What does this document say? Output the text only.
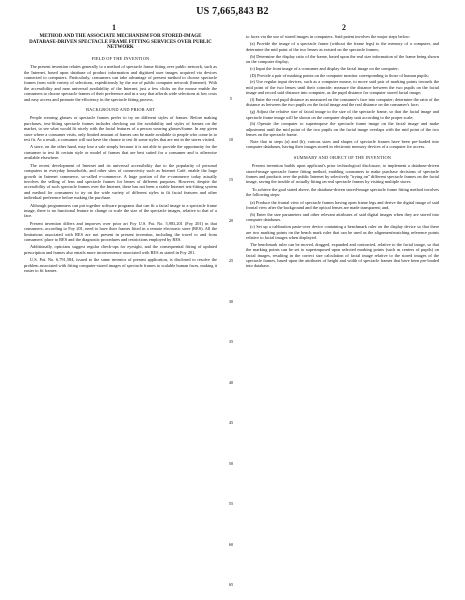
US 7,665,843 B2
1	2
METHOD AND THE ASSOCIATE MECHANISM FOR STORED-IMAGE DATABASE-DRIVEN SPECTACLE FRAME FITTING SERVICES OVER PUBLIC NETWORK
FIELD OF THE INVENTION
The present invention relates generally to a method of spectacle frame fitting over public network, such as the Internet, based upon database of product information and digitized user images acquired via devices connected to computers. Particularly, consumers can take advantage of present method to choose spectacle frames from wide variety of selections, expeditiously by the use of public computer network (Internet). With the accessibility and near universal availability of the Internet, just a few clicks on the mouse enable the consumers to choose spectacle frames of their preference and in a way that affords wide selections at low costs and easy access and promote the efficiency in the spectacle fitting process.
BACKGROUND AND PRIOR ART
People wearing glasses or spectacle frames prefer to try on different styles of frames. Before making purchases, test-fitting spectacle frames includes checking out the availability and styles of frames on the market, to see what would fit nicely with the facial features of a person wearing glasses/frame. In any given store where a consumer visits, only limited amount of frames can be made available to people who come in to test fit. As a result, a consumer will not have the chance to test fit some styles that are not in the stores visited.
A store, on the other hand, may lose a sale simply because it is not able to provide the opportunity for the consumer to test fit certain style or model of frames that are best suited for a consumer and is otherwise available elsewhere.
The recent development of Internet and its universal accessibility due to the popularity of personal computers in everyday households, and other sites of connectivity such as Internet Café, enable the huge growth in Internet commerce, so-called e-commerce. A huge portion of the e-commerce today actually involves the selling of lens and spectacle frames for lenses of different purposes. However, despite the accessibility of such spectacle frames over the Internet, there has not been a viable Internet test-fitting system and method for consumers to try on the wide variety of different styles to fit facial features and other individual preference before making the purchase.
Although programmers can put together software programs that can fit a facial image to a spectacle frame image, there is no functional feature to change or scale the size of the spectacle images, relative to that of a face.
Present invention differs and improves over prior art Foy U.S. Pat. No. 5,983,201 (Foy 201) in that consumers, according to Foy 201, need to have their frames fitted in a remote electronic store (RES). All the limitations associated with RES are not present in present invention, including the travel to and from consumers' place to RES and the diagnostic procedures and restrictions employed by RES.
Additionally, opticians suggest regular check-ups for eyesight, and the consequential fitting of updated prescription and frames also entails more inconvenience associated with RES as stated in Foy 201.
U.S. Pat. No. 6,791,584, issued to the same inventor of present application, is disclosed to resolve the problem associated with fitting computer-stored images of spectacle frames to scalable human faces, making it easier to fit frames
5
10
15
20
25
30
35
40
45
50
55
60
65
to faces via the use of stored images in computers. Said patent involves the major steps below:
(a) Provide the image of a spectacle frame (without the frame legs) to the memory of a computer, and determine the mid point of the two lenses as existed on the spectacle frames;
(b) Determine the display ratio of the frame, based upon the real size information of the frame being shown on the computer display;
(c) Input the front image of a consumer and display the facial image on the computer;
(D) Provide a pair of marking points on the computer monitor corresponding to those of human pupils;
(e) Use regular input devices, such as a computer mouse, to move said pair of marking points towards the mid point of the two lenses until their coincide; measure the distance between the two pupils on the facial image and record said distance into computer, as the pupil distance for computer stored facial image;
(f) Enter the real pupil distance as measured on the consumer's face into computer; determine the ratio of the distance as between the two pupils on the facial image and the real distance on the consumer's face;
(g) Adjust the relative size of facial image to the size of the spectacle frame, so that the facial image and spectacle frame image will be shown on the computer display unit according to the proper scale;
(h) Operate the computer to superimpose the spectacle frame image on the facial image and make adjustment until the mid point of the two pupils on the facial image overlaps with the mid point of the two lenses on the spectacle frame.
Note that in steps (a) and (b), various sizes and shapes of spectacle frames have been pre-loaded into computer databases, having their images stored in electronic memory devices of a computer for access.
SUMMARY AND OBJECT OF THE INVENTION
Present invention builds upon applicant's prior technological disclosure, to implement a database-driven stored-image spectacle frame fitting method, enabling consumers to make purchase decisions of spectacle frames and products over the public Internet by selectively "trying on" different spectacle frames on the facial image, saving the trouble of actually fitting on real spectacle frames by visiting multiple stores.
To achieve the goal stated above, the database-driven stored-image spectacle frame fitting method involves the following steps:
(a) Produce the frontal view of spectacle frames having open frame legs and derive the digital image of said frontal view after the background and the optical lenses are made transparent; and,
(b) Enter the size parameters and other relevant attributes of said digital images when they are stored into computer databases.
(c) Set up a calibration paste-over device containing a benchmark ruler on the display device so that there are two marking points on the bench mark ruler that can be used as the alignment/matching reference points relative to facial images when displayed.
The benchmark ruler can be moved, dragged, expanded and contracted, relative to the facial image, so that the marking points can be set to superimposed upon selected marking points (such as centers of pupils) on facial images, resulting in the correct size calculation of facial image relative to the stored images of the spectacle frames, based upon the attributes of height and width of spectacle frames that have been pre-loaded into database.
